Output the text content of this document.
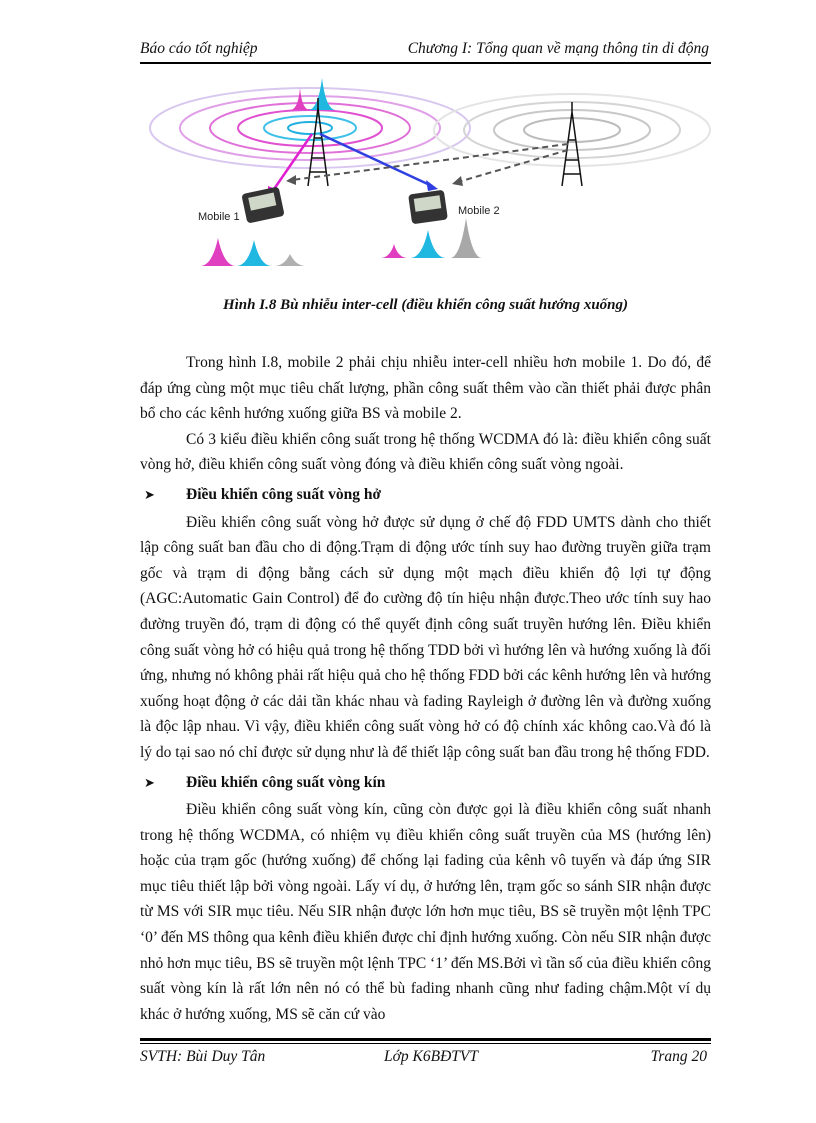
Báo cáo tốt nghiệp	Chương I: Tổng quan về mạng thông tin di động
Mobile 1	Mobile 2
Hình I.8 Bù nhiễu inter-cell (điều khiển công suất hướng xuống)

Trong hình I.8, mobile 2 phải chịu nhiễu inter-cell nhiều hơn mobile 1. Do đó, để đáp ứng cùng một mục tiêu chất lượng, phần công suất thêm vào cần thiết phải được phân bổ cho các kênh hướng xuống giữa BS và mobile 2.

Có 3 kiểu điều khiển công suất trong hệ thống WCDMA đó là: điều khiển công suất vòng hở, điều khiển công suất vòng đóng và điều khiển công suất vòng ngoài.

➤ Điều khiển công suất vòng hở

Điều khiển công suất vòng hở được sử dụng ở chế độ FDD UMTS dành cho thiết lập công suất ban đầu cho di động.Trạm di động ước tính suy hao đường truyền giữa trạm gốc và trạm di động bằng cách sử dụng một mạch điều khiển độ lợi tự động (AGC:Automatic Gain Control) để đo cường độ tín hiệu nhận được.Theo ước tính suy hao đường truyền đó, trạm di động có thể quyết định công suất truyền hướng lên. Điều khiển công suất vòng hở có hiệu quả trong hệ thống TDD bởi vì hướng lên và hướng xuống là đối ứng, nhưng nó không phải rất hiệu quả cho hệ thống FDD bởi các kênh hướng lên và hướng xuống hoạt động ở các dải tần khác nhau và fading Rayleigh ở đường lên và đường xuống là độc lập nhau. Vì vậy, điều khiển công suất vòng hở có độ chính xác không cao.Và đó là lý do tại sao nó chỉ được sử dụng như là để thiết lập công suất ban đầu trong hệ thống FDD.

➤ Điều khiển công suất vòng kín

Điều khiển công suất vòng kín, cũng còn được gọi là điều khiển công suất nhanh trong hệ thống WCDMA, có nhiệm vụ điều khiển công suất truyền của MS (hướng lên) hoặc của trạm gốc (hướng xuống) để chống lại fading của kênh vô tuyến và đáp ứng SIR mục tiêu thiết lập bởi vòng ngoài. Lấy ví dụ, ở hướng lên, trạm gốc so sánh SIR nhận được từ MS với SIR mục tiêu. Nếu SIR nhận được lớn hơn mục tiêu, BS sẽ truyền một lệnh TPC ‘0’ đến MS thông qua kênh điều khiển được chỉ định hướng xuống. Còn nếu SIR nhận được nhỏ hơn mục tiêu, BS sẽ truyền một lệnh TPC ‘1’ đến MS.Bởi vì tần số của điều khiển công suất vòng kín là rất lớn nên nó có thể bù fading nhanh cũng như fading chậm.Một ví dụ khác ở hướng xuống, MS sẽ căn cứ vào

SVTH: Bùi Duy Tân	Lớp K6BĐTVT	Trang 20
